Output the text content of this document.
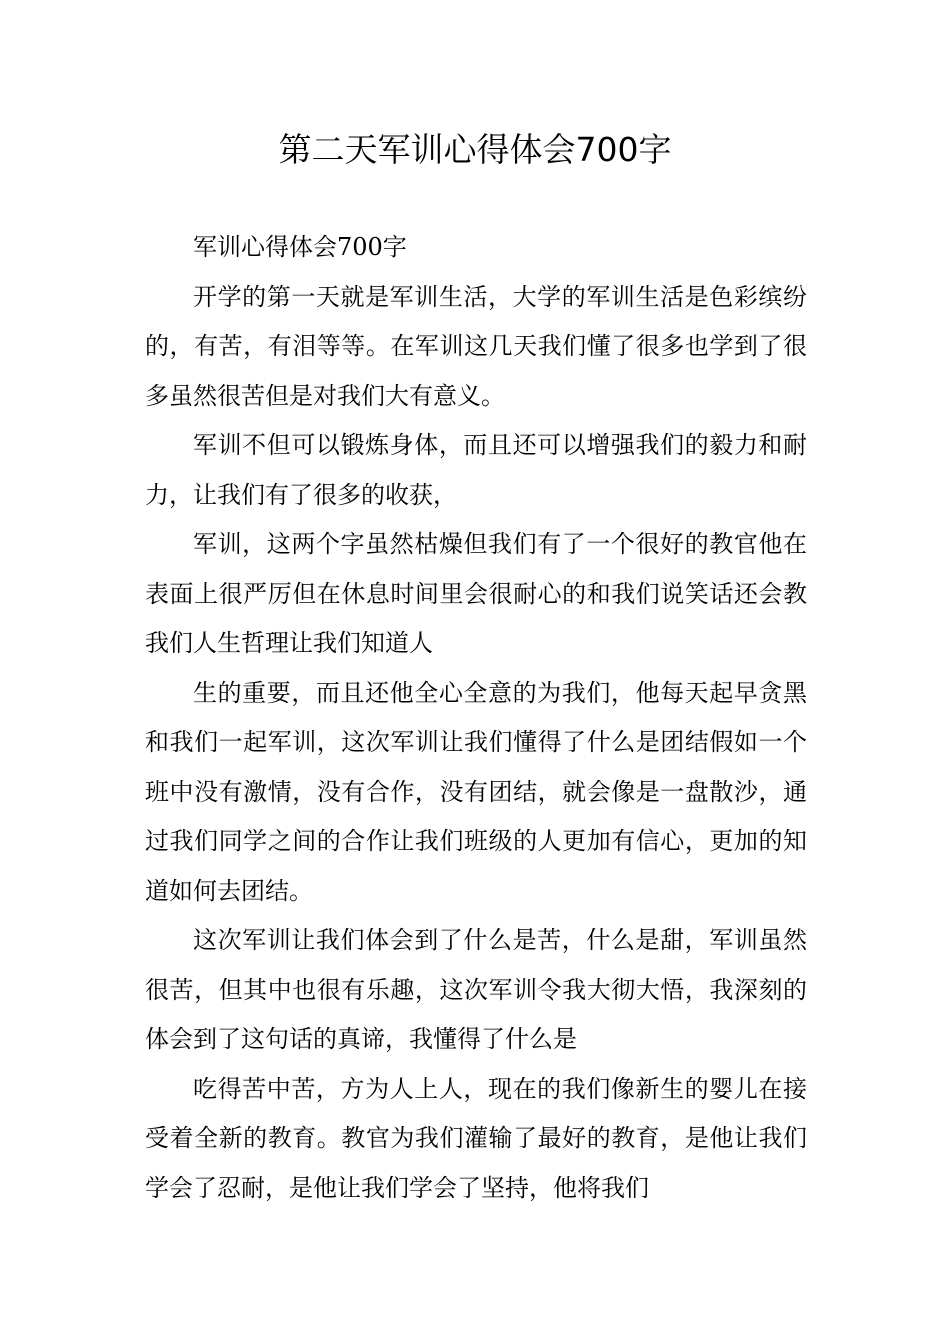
第二天军训心得体会700字

军训心得体会700字

开学的第一天就是军训生活，大学的军训生活是色彩缤纷的，有苦，有泪等等。在军训这几天我们懂了很多也学到了很多虽然很苦但是对我们大有意义。

军训不但可以锻炼身体，而且还可以增强我们的毅力和耐力，让我们有了很多的收获，

军训，这两个字虽然枯燥但我们有了一个很好的教官他在表面上很严厉但在休息时间里会很耐心的和我们说笑话还会教我们人生哲理让我们知道人

生的重要，而且还他全心全意的为我们，他每天起早贪黑和我们一起军训，这次军训让我们懂得了什么是团结假如一个班中没有激情，没有合作，没有团结，就会像是一盘散沙，通过我们同学之间的合作让我们班级的人更加有信心，更加的知道如何去团结。

这次军训让我们体会到了什么是苦，什么是甜，军训虽然很苦，但其中也很有乐趣，这次军训令我大彻大悟，我深刻的体会到了这句话的真谛，我懂得了什么是

吃得苦中苦，方为人上人，现在的我们像新生的婴儿在接受着全新的教育。教官为我们灌输了最好的教育，是他让我们学会了忍耐，是他让我们学会了坚持，他将我们
